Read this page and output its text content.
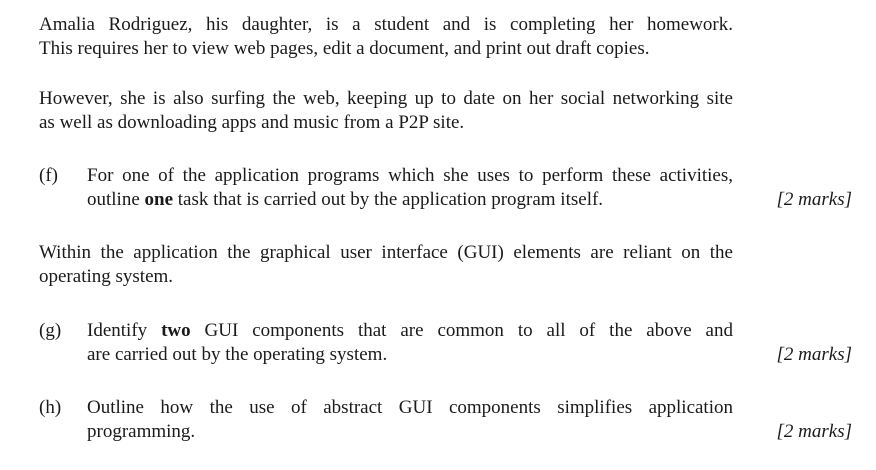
Amalia Rodriguez, his daughter, is a student and is completing her homework.
This requires her to view web pages, edit a document, and print out draft copies.
However, she is also surfing the web, keeping up to date on her social networking site
as well as downloading apps and music from a P2P site.
(f) For one of the application programs which she uses to perform these activities,
outline one task that is carried out by the application program itself.	[2 marks]
Within the application the graphical user interface (GUI) elements are reliant on the
operating system.
(g) Identify two GUI components that are common to all of the above and
are carried out by the operating system.	[2 marks]
(h) Outline how the use of abstract GUI components simplifies application
programming.	[2 marks]
